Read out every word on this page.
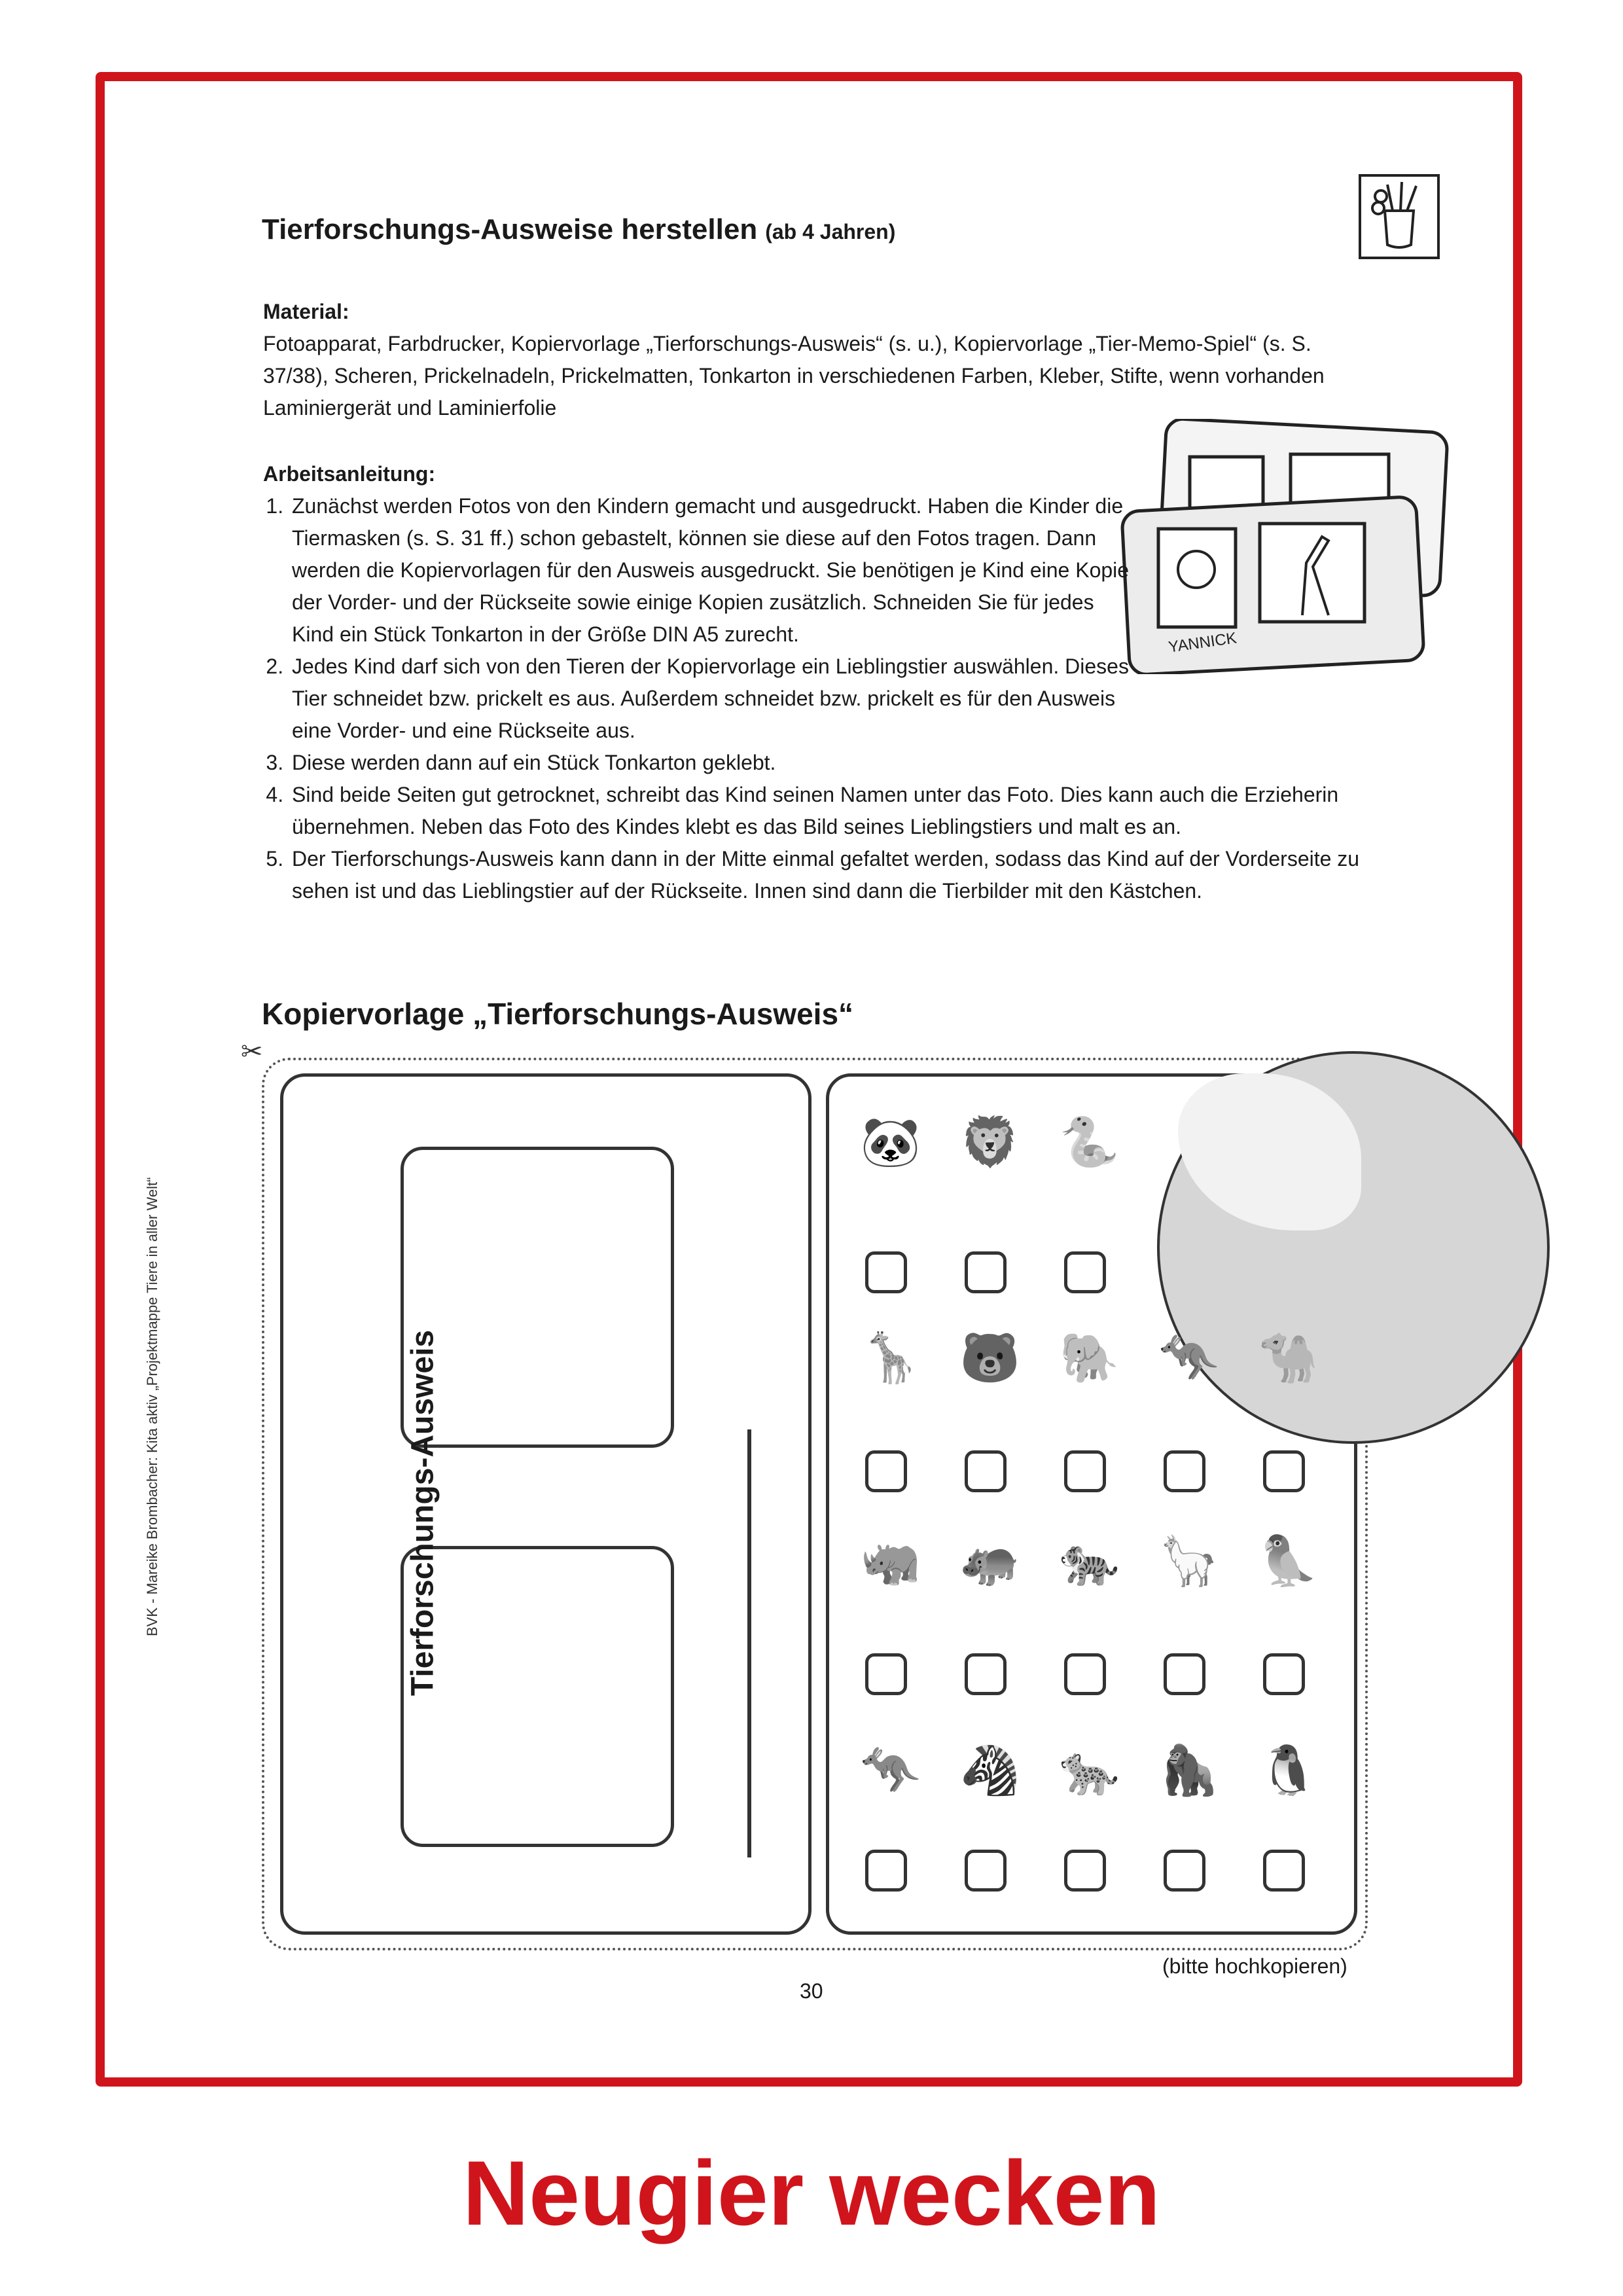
Tierforschungs-Ausweise herstellen (ab 4 Jahren)
Material:
Fotoapparat, Farbdrucker, Kopiervorlage „Tierforschungs-Ausweis“ (s. u.), Kopiervorlage „Tier-Memo-Spiel“ (s. S. 37/38), Scheren, Prickelnadeln, Prickelmatten, Tonkarton in verschiedenen Farben, Kleber, Stifte, wenn vorhanden Laminiergerät und Laminierfolie
YANNICK
Arbeitsanleitung:
1. Zunächst werden Fotos von den Kindern gemacht und ausgedruckt. Haben die Kinder die Tiermasken (s. S. 31 ff.) schon gebastelt, können sie diese auf den Fotos tragen. Dann werden die Kopiervorlagen für den Ausweis ausgedruckt. Sie benötigen je Kind eine Kopie der Vorder- und der Rückseite sowie einige Kopien zusätzlich. Schneiden Sie für jedes Kind ein Stück Tonkarton in der Größe DIN A5 zurecht.
2. Jedes Kind darf sich von den Tieren der Kopiervorlage ein Lieblingstier auswählen. Dieses Tier schneidet bzw. prickelt es aus. Außerdem schneidet bzw. prickelt es für den Ausweis eine Vorder- und eine Rückseite aus.
3. Diese werden dann auf ein Stück Tonkarton geklebt.
4. Sind beide Seiten gut getrocknet, schreibt das Kind seinen Namen unter das Foto. Dies kann auch die Erzieherin übernehmen. Neben das Foto des Kindes klebt es das Bild seines Lieblingstiers und malt es an.
5. Der Tierforschungs-Ausweis kann dann in der Mitte einmal gefaltet werden, sodass das Kind auf der Vorderseite zu sehen ist und das Lieblingstier auf der Rückseite. Innen sind dann die Tierbilder mit den Kästchen.
Kopiervorlage „Tierforschungs-Ausweis“
✂
Tierforschungs-Ausweis
🐼 🦁 🐍
🦒 🐻 🐘 🦘 🐪
🦏 🦛 🐅 🦙 🦜
🦘 🦓 🐆 🦍 🐧
(bitte hochkopieren)
30
BVK - Mareike Brombacher: Kita aktiv „Projektmappe Tiere in aller Welt“
Neugier wecken
